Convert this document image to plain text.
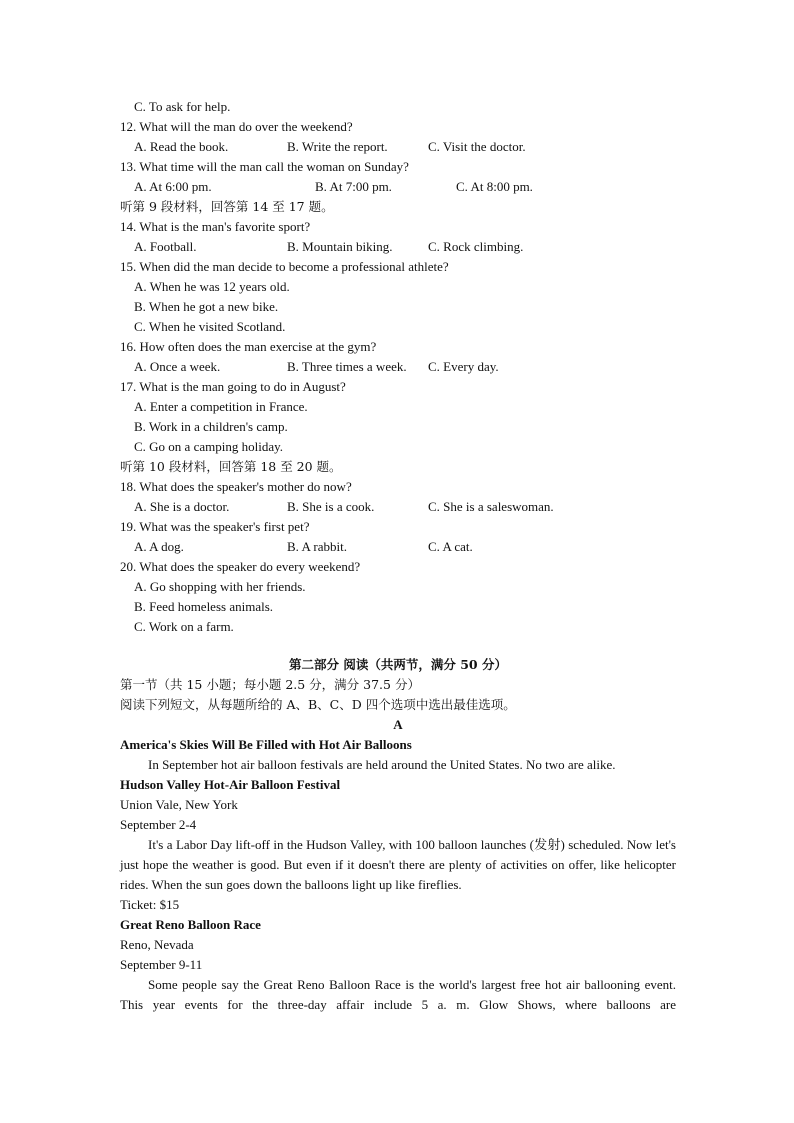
C. To ask for help.
12. What will the man do over the weekend?
A. Read the book.	B. Write the report.	C. Visit the doctor.
13. What time will the man call the woman on Sunday?
A. At 6:00 pm.	B. At 7:00 pm.	C. At 8:00 pm.
听第 9 段材料，回答第 14 至 17 题。
14. What is the man's favorite sport?
A. Football.	B. Mountain biking.	C. Rock climbing.
15. When did the man decide to become a professional athlete?
A. When he was 12 years old.
B. When he got a new bike.
C. When he visited Scotland.
16. How often does the man exercise at the gym?
A. Once a week.	B. Three times a week.	C. Every day.
17. What is the man going to do in August?
A. Enter a competition in France.
B. Work in a children's camp.
C. Go on a camping holiday.
听第 10 段材料，回答第 18 至 20 题。
18. What does the speaker's mother do now?
A. She is a doctor.	B. She is a cook.	C. She is a saleswoman.
19. What was the speaker's first pet?
A. A dog.	B. A rabbit.	C. A cat.
20. What does the speaker do every weekend?
A. Go shopping with her friends.
B. Feed homeless animals.
C. Work on a farm.
第二部分 阅读（共两节，满分 50 分）
第一节（共 15 小题；每小题 2.5 分，满分 37.5 分）
阅读下列短文，从每题所给的 A、B、C、D 四个选项中选出最佳选项。
A
America's Skies Will Be Filled with Hot Air Balloons
In September hot air balloon festivals are held around the United States. No two are alike.
Hudson Valley Hot-Air Balloon Festival
Union Vale, New York
September 2-4
It's a Labor Day lift-off in the Hudson Valley, with 100 balloon launches (发射) scheduled. Now let's just hope the weather is good. But even if it doesn't there are plenty of activities on offer, like helicopter rides. When the sun goes down the balloons light up like fireflies.
Ticket: $15
Great Reno Balloon Race
Reno, Nevada
September 9-11
Some people say the Great Reno Balloon Race is the world's largest free hot air ballooning event. This year events for the three-day affair include 5 a. m. Glow Shows, where balloons are
